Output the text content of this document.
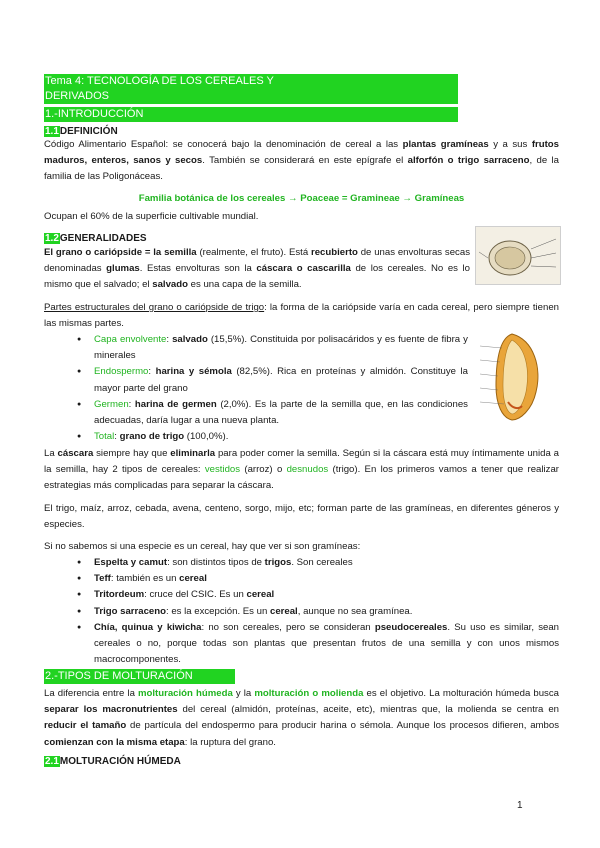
Tema 4: TECNOLOGÍA DE LOS CEREALES Y
DERIVADOS
1.-INTRODUCCIÓN
1.1DEFINICIÓN

Código Alimentario Español: se conocerá bajo la denominación de cereal a las plantas gramíneas y a sus frutos maduros, enteros, sanos y secos. También se considerará en este epígrafe el alforfón o trigo sarraceno, de la familia de las Poligonáceas.

Familia botánica de los cereales → Poaceae = Gramineae → Gramíneas

Ocupan el 60% de la superficie cultivable mundial.

1.2GENERALIDADES

El grano o cariópside = la semilla (realmente, el fruto). Está recubierto de unas envolturas secas denominadas glumas. Estas envolturas son la cáscara o cascarilla de los cereales. No es lo mismo que el salvado; el salvado es una capa de la semilla.

Partes estructurales del grano o cariópside de trigo: la forma de la cariópside varía en cada cereal, pero siempre tienen las mismas partes.

● Capa envolvente: salvado (15,5%). Constituida por polisacáridos y es fuente de fibra y minerales
● Endospermo: harina y sémola (82,5%). Rica en proteínas y almidón. Constituye la mayor parte del grano
● Germen: harina de germen (2,0%). Es la parte de la semilla que, en las condiciones adecuadas, daría lugar a una nueva planta.
● Total: grano de trigo (100,0%).

La cáscara siempre hay que eliminarla para poder comer la semilla. Según si la cáscara está muy íntimamente unida a la semilla, hay 2 tipos de cereales: vestidos (arroz) o desnudos (trigo). En los primeros vamos a tener que realizar estrategias más complicadas para separar la cáscara.

El trigo, maíz, arroz, cebada, avena, centeno, sorgo, mijo, etc; forman parte de las gramíneas, en diferentes géneros y especies.

Si no sabemos si una especie es un cereal, hay que ver si son gramíneas:

● Espelta y camut: son distintos tipos de trigos. Son cereales
● Teff: también es un cereal
● Tritordeum: cruce del CSIC. Es un cereal
● Trigo sarraceno: es la excepción. Es un cereal, aunque no sea gramínea.
● Chía, quinua y kiwicha: no son cereales, pero se consideran pseudocereales. Su uso es similar, sean cereales o no, porque todas son plantas que presentan frutos de una semilla y con unos mismos macrocomponentes.
2.-TIPOS DE MOLTURACIÓN

La diferencia entre la molturación húmeda y la molturación o molienda es el objetivo. La molturación húmeda busca separar los macronutrientes del cereal (almidón, proteínas, aceite, etc), mientras que, la molienda se centra en reducir el tamaño de partícula del endospermo para producir harina o sémola. Aunque los procesos difieren, ambos comienzan con la misma etapa: la ruptura del grano.

2.1MOLTURACIÓN HÚMEDA
1
